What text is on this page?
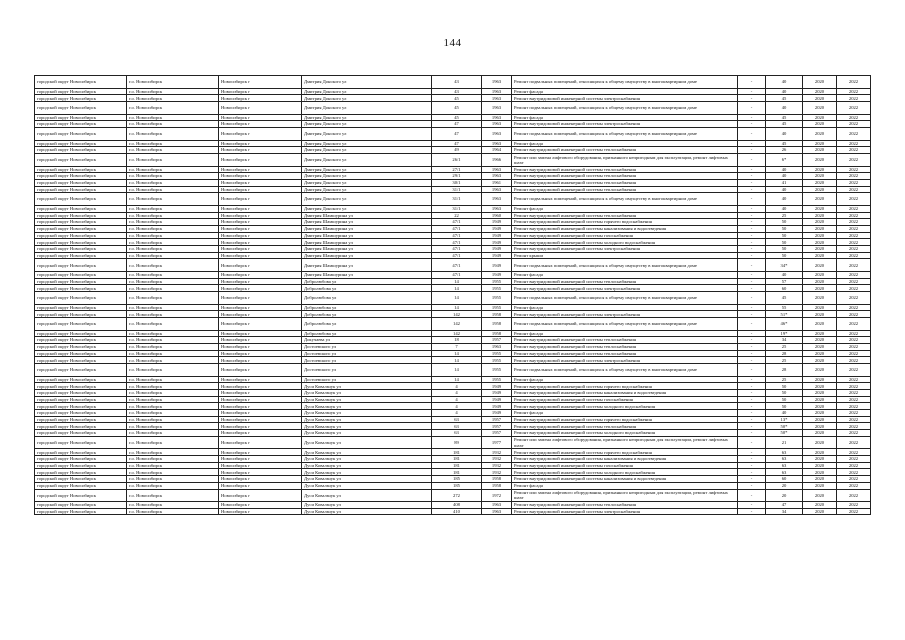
144
городской округ Новосибирск	г.о. Новосибирск	Новосибирск г	Дмитрия Донского ул	43	1963	Ремонт подвальных помещений, относящихся к общему имуществу в многоквартирном доме	-	40	2020	2022
городской округ Новосибирск	г.о. Новосибирск	Новосибирск г	Дмитрия Донского ул	43	1963	Ремонт фасада	-	40	2020	2022
городской округ Новосибирск	г.о. Новосибирск	Новосибирск г	Дмитрия Донского ул	45	1963	Ремонт внутридомовой инженерной системы электроснабжения	-	45	2020	2022
городской округ Новосибирск	г.о. Новосибирск	Новосибирск г	Дмитрия Донского ул	45	1963	Ремонт подвальных помещений, относящихся к общему имуществу в многоквартирном доме	-	40	2020	2022
городской округ Новосибирск	г.о. Новосибирск	Новосибирск г	Дмитрия Донского ул	45	1963	Ремонт фасада	-	45	2020	2022
городской округ Новосибирск	г.о. Новосибирск	Новосибирск г	Дмитрия Донского ул	47	1963	Ремонт внутридомовой инженерной системы электроснабжения	-	45	2020	2022
городской округ Новосибирск	г.о. Новосибирск	Новосибирск г	Дмитрия Донского ул	47	1963	Ремонт подвальных помещений, относящихся к общему имуществу в многоквартирном доме	-	40	2020	2022
городской округ Новосибирск	г.о. Новосибирск	Новосибирск г	Дмитрия Донского ул	47	1963	Ремонт фасада	-	45	2020	2022
городской округ Новосибирск	г.о. Новосибирск	Новосибирск г	Дмитрия Донского ул	49	1964	Ремонт внутридомовой инженерной системы теплоснабжения	-	26	2020	2022
городской округ Новосибирск	г.о. Новосибирск	Новосибирск г	Дмитрия Донского ул	26/1	1966	Ремонт или замена лифтового оборудования, признанного непригодным для эксплуатации, ремонт лифтовых шахт	-	6*	2020	2022
городской округ Новосибирск	г.о. Новосибирск	Новосибирск г	Дмитрия Донского ул	27/1	1963	Ремонт внутридомовой инженерной системы теплоснабжения	-	40	2020	2022
городской округ Новосибирск	г.о. Новосибирск	Новосибирск г	Дмитрия Донского ул	29/1	1963	Ремонт внутридомовой инженерной системы теплоснабжения	-	40	2020	2022
городской округ Новосибирск	г.о. Новосибирск	Новосибирск г	Дмитрия Донского ул	30/1	1961	Ремонт внутридомовой инженерной системы теплоснабжения	-	41	2020	2022
городской округ Новосибирск	г.о. Новосибирск	Новосибирск г	Дмитрия Донского ул	31/1	1963	Ремонт внутридомовой инженерной системы теплоснабжения	-	40	2020	2022
городской округ Новосибирск	г.о. Новосибирск	Новосибирск г	Дмитрия Донского ул	31/1	1963	Ремонт подвальных помещений, относящихся к общему имуществу в многоквартирном доме	-	40	2020	2022
городской округ Новосибирск	г.о. Новосибирск	Новосибирск г	Дмитрия Донского ул	31/1	1963	Ремонт фасада	-	40	2020	2022
городской округ Новосибирск	г.о. Новосибирск	Новосибирск г	Дмитрия Шамшурина ул	22	1960	Ремонт внутридомовой инженерной системы теплоснабжения	-	25	2020	2022
городской округ Новосибирск	г.о. Новосибирск	Новосибирск г	Дмитрия Шамшурина ул	47/1	1949	Ремонт внутридомовой инженерной системы горячего водоснабжения	-	50	2020	2022
городской округ Новосибирск	г.о. Новосибирск	Новосибирск г	Дмитрия Шамшурина ул	47/1	1949	Ремонт внутридомовой инженерной системы канализования и водоотведения	-	50	2020	2022
городской округ Новосибирск	г.о. Новосибирск	Новосибирск г	Дмитрия Шамшурина ул	47/1	1949	Ремонт внутридомовой инженерной системы газоснабжения	-	50	2020	2022
городской округ Новосибирск	г.о. Новосибирск	Новосибирск г	Дмитрия Шамшурина ул	47/1	1949	Ремонт внутридомовой инженерной системы холодного водоснабжения	-	50	2020	2022
городской округ Новосибирск	г.о. Новосибирск	Новосибирск г	Дмитрия Шамшурина ул	47/1	1949	Ремонт внутридомовой инженерной системы электроснабжения	-	50	2020	2022
городской округ Новосибирск	г.о. Новосибирск	Новосибирск г	Дмитрия Шамшурина ул	47/1	1949	Ремонт крыши	-	50	2020	2022
городской округ Новосибирск	г.о. Новосибирск	Новосибирск г	Дмитрия Шамшурина ул	47/1	1949	Ремонт подвальных помещений, относящихся к общему имуществу в многоквартирном доме	-	34*	2020	2022
городской округ Новосибирск	г.о. Новосибирск	Новосибирск г	Дмитрия Шамшурина ул	47/1	1949	Ремонт фасада	-	40	2020	2022
городской округ Новосибирск	г.о. Новосибирск	Новосибирск г	Добролюбова ул	14	1955	Ремонт внутридомовой инженерной системы теплоснабжения	-	57	2020	2022
городской округ Новосибирск	г.о. Новосибирск	Новосибирск г	Добролюбова ул	14	1955	Ремонт внутридомовой инженерной системы электроснабжения	-	60	2020	2022
городской округ Новосибирск	г.о. Новосибирск	Новосибирск г	Добролюбова ул	14	1955	Ремонт подвальных помещений, относящихся к общему имуществу в многоквартирном доме	-	45	2020	2022
городской округ Новосибирск	г.о. Новосибирск	Новосибирск г	Добролюбова ул	14	1955	Ремонт фасада	-	55	2020	2022
городской округ Новосибирск	г.о. Новосибирск	Новосибирск г	Добролюбова ул	142	1958	Ремонт внутридомовой инженерной системы электроснабжения	-	51*	2020	2022
городской округ Новосибирск	г.о. Новосибирск	Новосибирск г	Добролюбова ул	142	1958	Ремонт подвальных помещений, относящихся к общему имуществу в многоквартирном доме	-	46*	2020	2022
городской округ Новосибирск	г.о. Новосибирск	Новосибирск г	Добролюбова ул	142	1958	Ремонт фасада	-	19*	2020	2022
городской округ Новосибирск	г.о. Новосибирск	Новосибирск г	Докучаева ул	18	1957	Ремонт внутридомовой инженерной системы теплоснабжения	-	34	2020	2022
городской округ Новосибирск	г.о. Новосибирск	Новосибирск г	Достоевского ул	7	1963	Ремонт внутридомовой инженерной системы теплоснабжения	-	25	2020	2022
городской округ Новосибирск	г.о. Новосибирск	Новосибирск г	Достоевского ул	14	1955	Ремонт внутридомовой инженерной системы теплоснабжения	-	28	2020	2022
городской округ Новосибирск	г.о. Новосибирск	Новосибирск г	Достоевского ул	14	1955	Ремонт внутридомовой инженерной системы электроснабжения	-	25	2020	2022
городской округ Новосибирск	г.о. Новосибирск	Новосибирск г	Достоевского ул	14	1955	Ремонт подвальных помещений, относящихся к общему имуществу в многоквартирном доме	-	28	2020	2022
городской округ Новосибирск	г.о. Новосибирск	Новосибирск г	Достоевского ул	14	1955	Ремонт фасада	-	25	2020	2022
городской округ Новосибирск	г.о. Новосибирск	Новосибирск г	Дуси Ковальчук ул	4	1949	Ремонт внутридомовой инженерной системы горячего водоснабжения	-	50	2020	2022
городской округ Новосибирск	г.о. Новосибирск	Новосибирск г	Дуси Ковальчук ул	4	1949	Ремонт внутридомовой инженерной системы канализования и водоотведения	-	50	2020	2022
городской округ Новосибирск	г.о. Новосибирск	Новосибирск г	Дуси Ковальчук ул	4	1949	Ремонт внутридомовой инженерной системы газоснабжения	-	50	2020	2022
городской округ Новосибирск	г.о. Новосибирск	Новосибирск г	Дуси Ковальчук ул	4	1949	Ремонт внутридомовой инженерной системы холодного водоснабжения	-	50	2020	2022
городской округ Новосибирск	г.о. Новосибирск	Новосибирск г	Дуси Ковальчук ул	4	1949	Ремонт фасада	-	40	2020	2022
городской округ Новосибирск	г.о. Новосибирск	Новосибирск г	Дуси Ковальчук ул	63	1957	Ремонт внутридомовой инженерной системы горячего водоснабжения	-	13*	2020	2022
городской округ Новосибирск	г.о. Новосибирск	Новосибирск г	Дуси Ковальчук ул	63	1957	Ремонт внутридомовой инженерной системы теплоснабжения	-	50*	2020	2022
городской округ Новосибирск	г.о. Новосибирск	Новосибирск г	Дуси Ковальчук ул	63	1957	Ремонт внутридомовой инженерной системы холодного водоснабжения	-	50*	2020	2022
городской округ Новосибирск	г.о. Новосибирск	Новосибирск г	Дуси Ковальчук ул	89	1977	Ремонт или замена лифтового оборудования, признанного непригодным для эксплуатации, ремонт лифтовых шахт	-	21	2020	2022
городской округ Новосибирск	г.о. Новосибирск	Новосибирск г	Дуси Ковальчук ул	181	1932	Ремонт внутридомовой инженерной системы горячего водоснабжения	-	63	2020	2022
городской округ Новосибирск	г.о. Новосибирск	Новосибирск г	Дуси Ковальчук ул	181	1932	Ремонт внутридомовой инженерной системы канализования и водоотведения	-	63	2020	2022
городской округ Новосибирск	г.о. Новосибирск	Новосибирск г	Дуси Ковальчук ул	181	1932	Ремонт внутридомовой инженерной системы газоснабжения	-	63	2020	2022
городской округ Новосибирск	г.о. Новосибирск	Новосибирск г	Дуси Ковальчук ул	181	1932	Ремонт внутридомовой инженерной системы холодного водоснабжения	-	63	2020	2022
городской округ Новосибирск	г.о. Новосибирск	Новосибирск г	Дуси Ковальчук ул	185	1958	Ремонт внутридомовой инженерной системы канализования и водоотведения	-	60	2020	2022
городской округ Новосибирск	г.о. Новосибирск	Новосибирск г	Дуси Ковальчук ул	185	1958	Ремонт фасада	-	20	2020	2022
городской округ Новосибирск	г.о. Новосибирск	Новосибирск г	Дуси Ковальчук ул	272	1972	Ремонт или замена лифтового оборудования, признанного непригодным для эксплуатации, ремонт лифтовых шахт	-	20	2020	2022
городской округ Новосибирск	г.о. Новосибирск	Новосибирск г	Дуси Ковальчук ул	408	1963	Ремонт внутридомовой инженерной системы теплоснабжения	-	47	2020	2022
городской округ Новосибирск	г.о. Новосибирск	Новосибирск г	Дуси Ковальчук ул	410	1963	Ремонт внутридомовой инженерной системы электроснабжения	-	34	2020	2022
